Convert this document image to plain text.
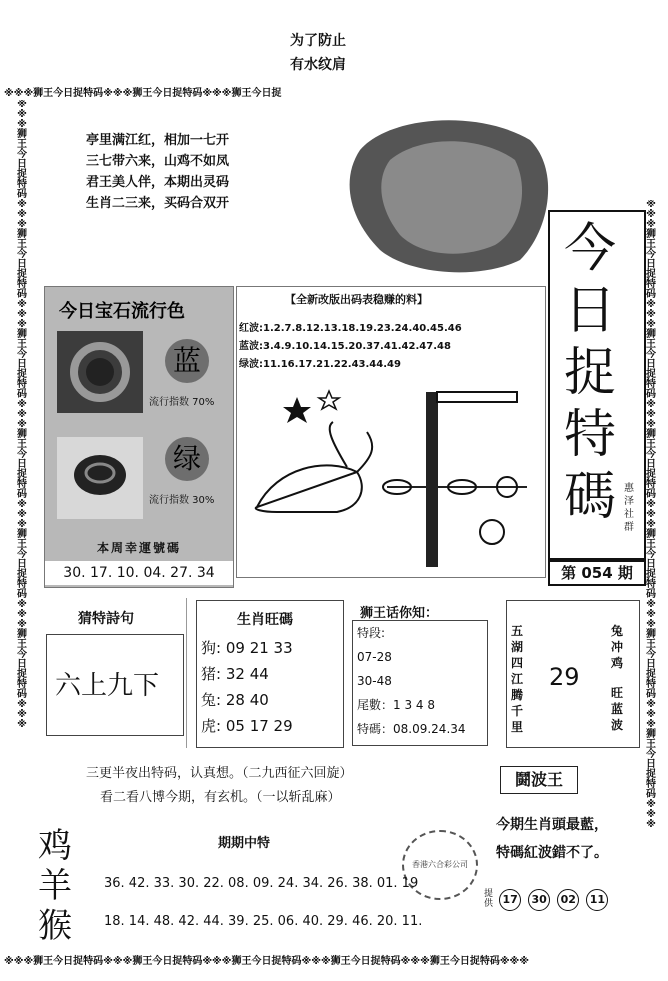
为了防止
有水纹肩
※※※狮王今日捉特码※※※狮王今日捉特码※※※狮王今日捉
※※※狮王今日捉特码※※※狮王今日捉特码※※※狮王今日捉特码※※※狮王今日捉特码※※※狮王今日捉特码※※※狮王今日捉特码※※※
※※※狮王今日捉特码※※※狮王今日捉特码※※※狮王今日捉特码※※※狮王今日捉特码※※※狮王今日捉特码※※※狮王今日捉特码※※※
亭里满江红，相加一七开
三七带六来，山鸡不如凤
君王美人伴，本期出灵码
生肖二三来，买码合双开
今
日
捉
特
碼 惠泽社群
第 054 期
今日宝石流行色
蓝
流行指数 70%
绿
流行指数 30%
本周幸運號碼
30. 17. 10. 04. 27. 34
【全新改版出码表稳赚的料】
红波:1.2.7.8.12.13.18.19.23.24.40.45.46
蓝波:3.4.9.10.14.15.20.37.41.42.47.48
绿波:11.16.17.21.22.43.44.49
猜特詩句
六上九下
生肖旺碼
狗: 09 21 33
猪: 32 44
兔: 28 40
虎: 05 17 29
狮王话你知：
特段:
07-28
30-48
尾數：1 3 4 8
特碼：08.09.24.34
五湖四江腾千里
29
兔冲鸡
旺蓝波
三更半夜出特码，认真想。（二九西征六回旋）
看二看八博今期，有玄机。（一以斩乱麻）
鬪波王
今期生肖頭最藍，
特碼紅波錯不了。
香港六合彩公司
提供 17 30 02 11
鸡
羊
猴
期期中特
36. 42. 33. 30. 22. 08. 09. 24. 34. 26. 38. 01. 19
18. 14. 48. 42. 44. 39. 25. 06. 40. 29. 46. 20. 11.
※※※狮王今日捉特码※※※狮王今日捉特码※※※狮王今日捉特码※※※狮王今日捉特码※※※狮王今日捉特码※※※
